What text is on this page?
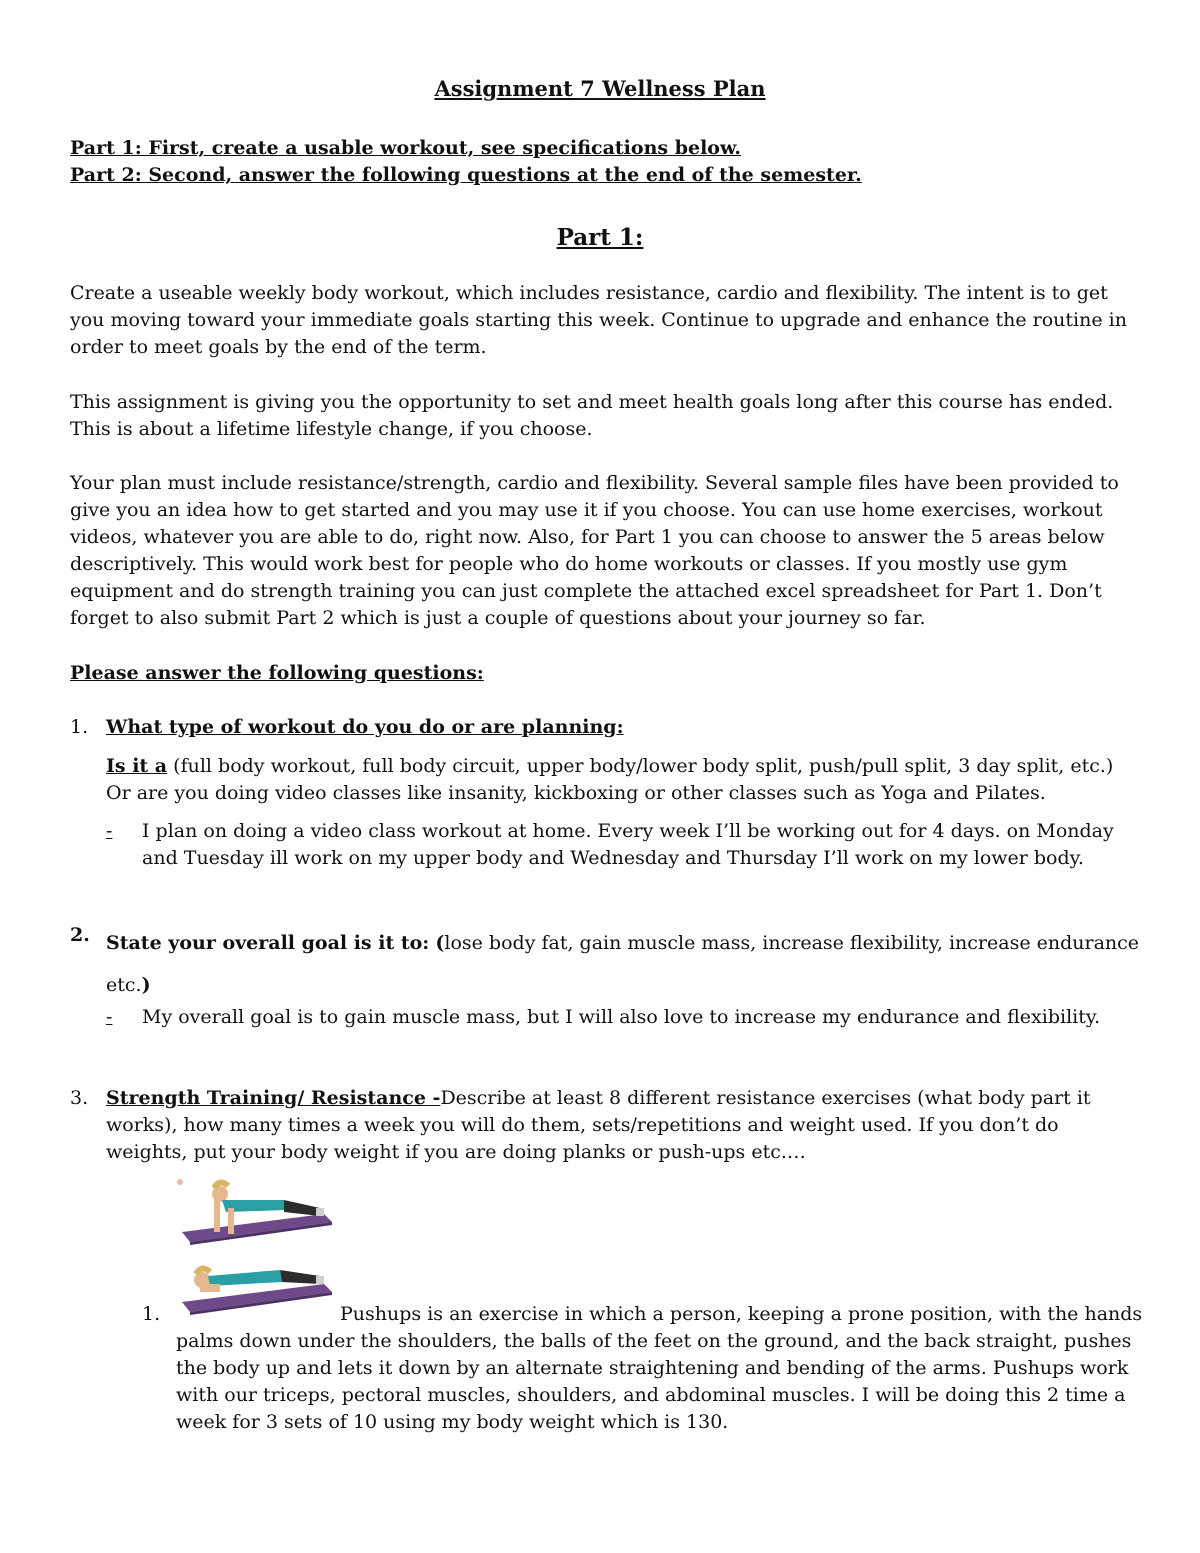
Assignment 7 Wellness Plan
Part 1: First, create a usable workout, see specifications below.
Part 2: Second, answer the following questions at the end of the semester.
Part 1:
Create a useable weekly body workout, which includes resistance, cardio and flexibility. The intent is to get you moving toward your immediate goals starting this week. Continue to upgrade and enhance the routine in order to meet goals by the end of the term.
This assignment is giving you the opportunity to set and meet health goals long after this course has ended. This is about a lifetime lifestyle change, if you choose.
Your plan must include resistance/strength, cardio and flexibility. Several sample files have been provided to give you an idea how to get started and you may use it if you choose. You can use home exercises, workout videos, whatever you are able to do, right now. Also, for Part 1 you can choose to answer the 5 areas below descriptively. This would work best for people who do home workouts or classes. If you mostly use gym equipment and do strength training you can just complete the attached excel spreadsheet for Part 1. Don’t forget to also submit Part 2 which is just a couple of questions about your journey so far.
Please answer the following questions:
1. What type of workout do you do or are planning:
Is it a (full body workout, full body circuit, upper body/lower body split, push/pull split, 3 day split, etc.) Or are you doing video classes like insanity, kickboxing or other classes such as Yoga and Pilates.
-	I plan on doing a video class workout at home. Every week I’ll be working out for 4 days. on Monday and Tuesday ill work on my upper body and Wednesday and Thursday I’ll work on my lower body.
2. State your overall goal is it to: (lose body fat, gain muscle mass, increase flexibility, increase endurance
etc.)
-	My overall goal is to gain muscle mass, but I will also love to increase my endurance and flexibility.
3. Strength Training/ Resistance -Describe at least 8 different resistance exercises (what body part it works), how many times a week you will do them, sets/repetitions and weight used. If you don’t do weights, put your body weight if you are doing planks or push-ups etc.…
1.	Pushups is an exercise in which a person, keeping a prone position, with the hands
palms down under the shoulders, the balls of the feet on the ground, and the back straight, pushes the body up and lets it down by an alternate straightening and bending of the arms. Pushups work with our triceps, pectoral muscles, shoulders, and abdominal muscles. I will be doing this 2 time a week for 3 sets of 10 using my body weight which is 130.
